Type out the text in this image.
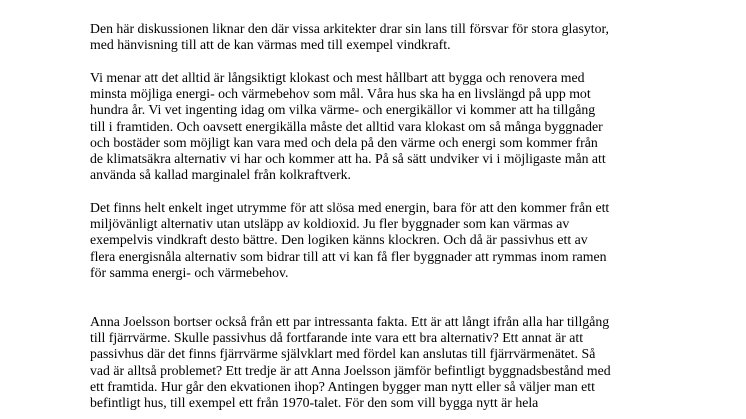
Den här diskussionen liknar den där vissa arkitekter drar sin lans till försvar för stora glasytor,
med hänvisning till att de kan värmas med till exempel vindkraft.
Vi menar att det alltid är långsiktigt klokast och mest hållbart att bygga och renovera med
minsta möjliga energi- och värmebehov som mål. Våra hus ska ha en livslängd på upp mot
hundra år. Vi vet ingenting idag om vilka värme- och energikällor vi kommer att ha tillgång
till i framtiden. Och oavsett energikälla måste det alltid vara klokast om så många byggnader
och bostäder som möjligt kan vara med och dela på den värme och energi som kommer från
de klimatsäkra alternativ vi har och kommer att ha. På så sätt undviker vi i möjligaste mån att
använda så kallad marginalel från kolkraftverk.
Det finns helt enkelt inget utrymme för att slösa med energin, bara för att den kommer från ett
miljövänligt alternativ utan utsläpp av koldioxid. Ju fler byggnader som kan värmas av
exempelvis vindkraft desto bättre. Den logiken känns klockren. Och då är passivhus ett av
flera energisnåla alternativ som bidrar till att vi kan få fler byggnader att rymmas inom ramen
för samma energi- och värmebehov.
Anna Joelsson bortser också från ett par intressanta fakta. Ett är att långt ifrån alla har tillgång
till fjärrvärme. Skulle passivhus då fortfarande inte vara ett bra alternativ? Ett annat är att
passivhus där det finns fjärrvärme självklart med fördel kan anslutas till fjärrvärmenätet. Så
vad är alltså problemet? Ett tredje är att Anna Joelsson jämför befintligt byggnadsbestånd med
ett framtida. Hur går den ekvationen ihop? Antingen bygger man nytt eller så väljer man ett
befintligt hus, till exempel ett från 1970-talet. För den som vill bygga nytt är hela
